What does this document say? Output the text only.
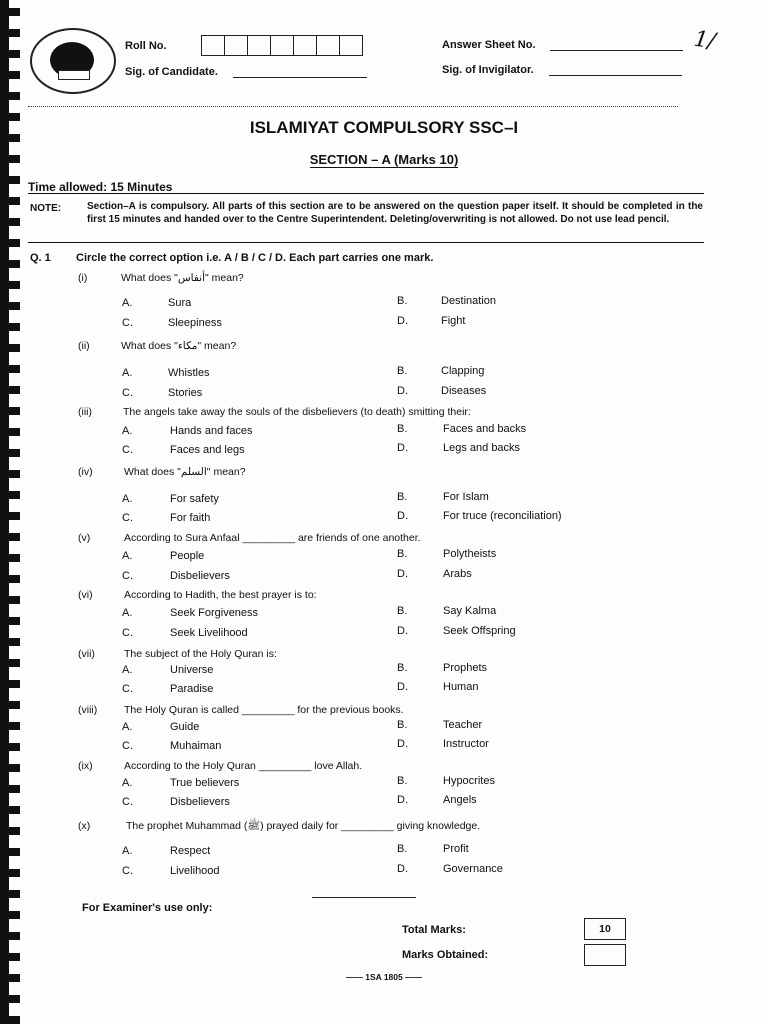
Roll No.
Sig. of Candidate.
Answer Sheet No.
Sig. of Invigilator.
1/
ISLAMIYAT COMPULSORY SSC–I
SECTION – A (Marks 10)
Time allowed: 15 Minutes
NOTE:	Section–A is compulsory. All parts of this section are to be answered on the question paper itself. It should be completed in the first 15 minutes and handed over to the Centre Superintendent. Deleting/overwriting is not allowed. Do not use lead pencil.
Q. 1 Circle the correct option i.e. A / B / C / D. Each part carries one mark.
(i)	What does "أنفاس" mean?
A.	Sura	B.	Destination
C.	Sleepiness	D.	Fight
(ii)	What does "مكاء" mean?
A.	Whistles	B.	Clapping
C.	Stories	D.	Diseases
(iii)	The angels take away the souls of the disbelievers (to death) smitting their:
A.	Hands and faces	B.	Faces and backs
C.	Faces and legs	D.	Legs and backs
(iv)	What does "السلم" mean?
A.	For safety	B.	For Islam
C.	For faith	D.	For truce (reconciliation)
(v)	According to Sura Anfaal _________ are friends of one another.
A.	People	B.	Polytheists
C.	Disbelievers	D.	Arabs
(vi)	According to Hadith, the best prayer is to:
A.	Seek Forgiveness	B.	Say Kalma
C.	Seek Livelihood	D.	Seek Offspring
(vii)	The subject of the Holy Quran is:
A.	Universe	B.	Prophets
C.	Paradise	D.	Human
(viii)	The Holy Quran is called _________ for the previous books.
A.	Guide	B.	Teacher
C.	Muhaiman	D.	Instructor
(ix)	According to the Holy Quran _________ love Allah.
A.	True believers	B.	Hypocrites
C.	Disbelievers	D.	Angels
(x)	The prophet Muhammad (ﷺ) prayed daily for _________ giving knowledge.
A.	Respect	B.	Profit
C.	Livelihood	D.	Governance
For Examiner's use only:
Total Marks:	10
Marks Obtained:
—— 1SA 1805 ——
